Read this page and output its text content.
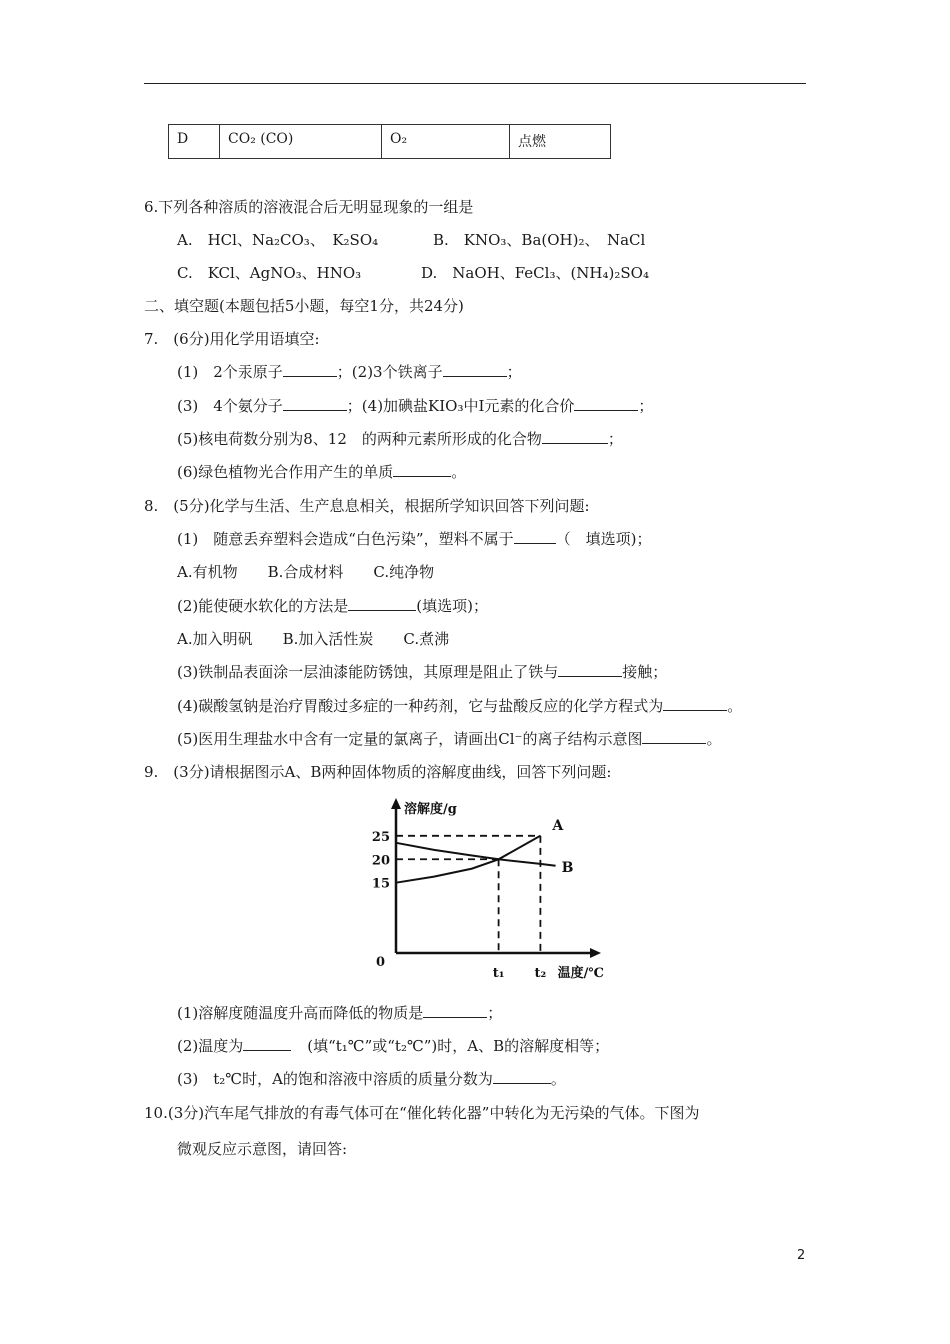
D	CO₂ (CO)	O₂	点燃
6.下列各种溶质的溶液混合后无明显现象的一组是
A.　HCl、Na₂CO₃、　K₂SO₄	B.　KNO₃、Ba(OH)₂、　NaCl
C.　KCl、AgNO₃、HNO₃	D.　NaOH、FeCl₃、(NH₄)₂SO₄
二、填空题(本题包括5小题，每空1分，共24分)
7.　(6分)用化学用语填空:
(1)　2个汞原子	；(2)3个铁离子	；
(3)　4个氨分子	；(4)加碘盐KIO₃中I元素的化合价	；
(5)核电荷数分别为8、12　的两种元素所形成的化合物	；
(6)绿色植物光合作用产生的单质	。
8.　(5分)化学与生活、生产息息相关，根据所学知识回答下列问题:
(1)　随意丢弃塑料会造成“白色污染”，塑料不属于	（　填选项)；
A.有机物　　B.合成材料　　C.纯净物
(2)能使硬水软化的方法是	(填选项)；
A.加入明矾　　B.加入活性炭　　C.煮沸
(3)铁制品表面涂一层油漆能防锈蚀，其原理是阻止了铁与	接触；
(4)碳酸氢钠是治疗胃酸过多症的一种药剂，它与盐酸反应的化学方程式为	。
(5)医用生理盐水中含有一定量的氯离子，请画出Cl⁻的离子结构示意图	。
9.　(3分)请根据图示A、B两种固体物质的溶解度曲线，回答下列问题:
A
B
25
20
15
t₁ t₂
0
溶解度/g
温度/℃
(1)溶解度随温度升高而降低的物质是	；
(2)温度为	(填“t₁℃”或“t₂℃”)时，A、B的溶解度相等；
(3)　t₂℃时，A的饱和溶液中溶质的质量分数为	。
10.(3分)汽车尾气排放的有毒气体可在“催化转化器”中转化为无污染的气体。下图为
微观反应示意图，请回答:
2
